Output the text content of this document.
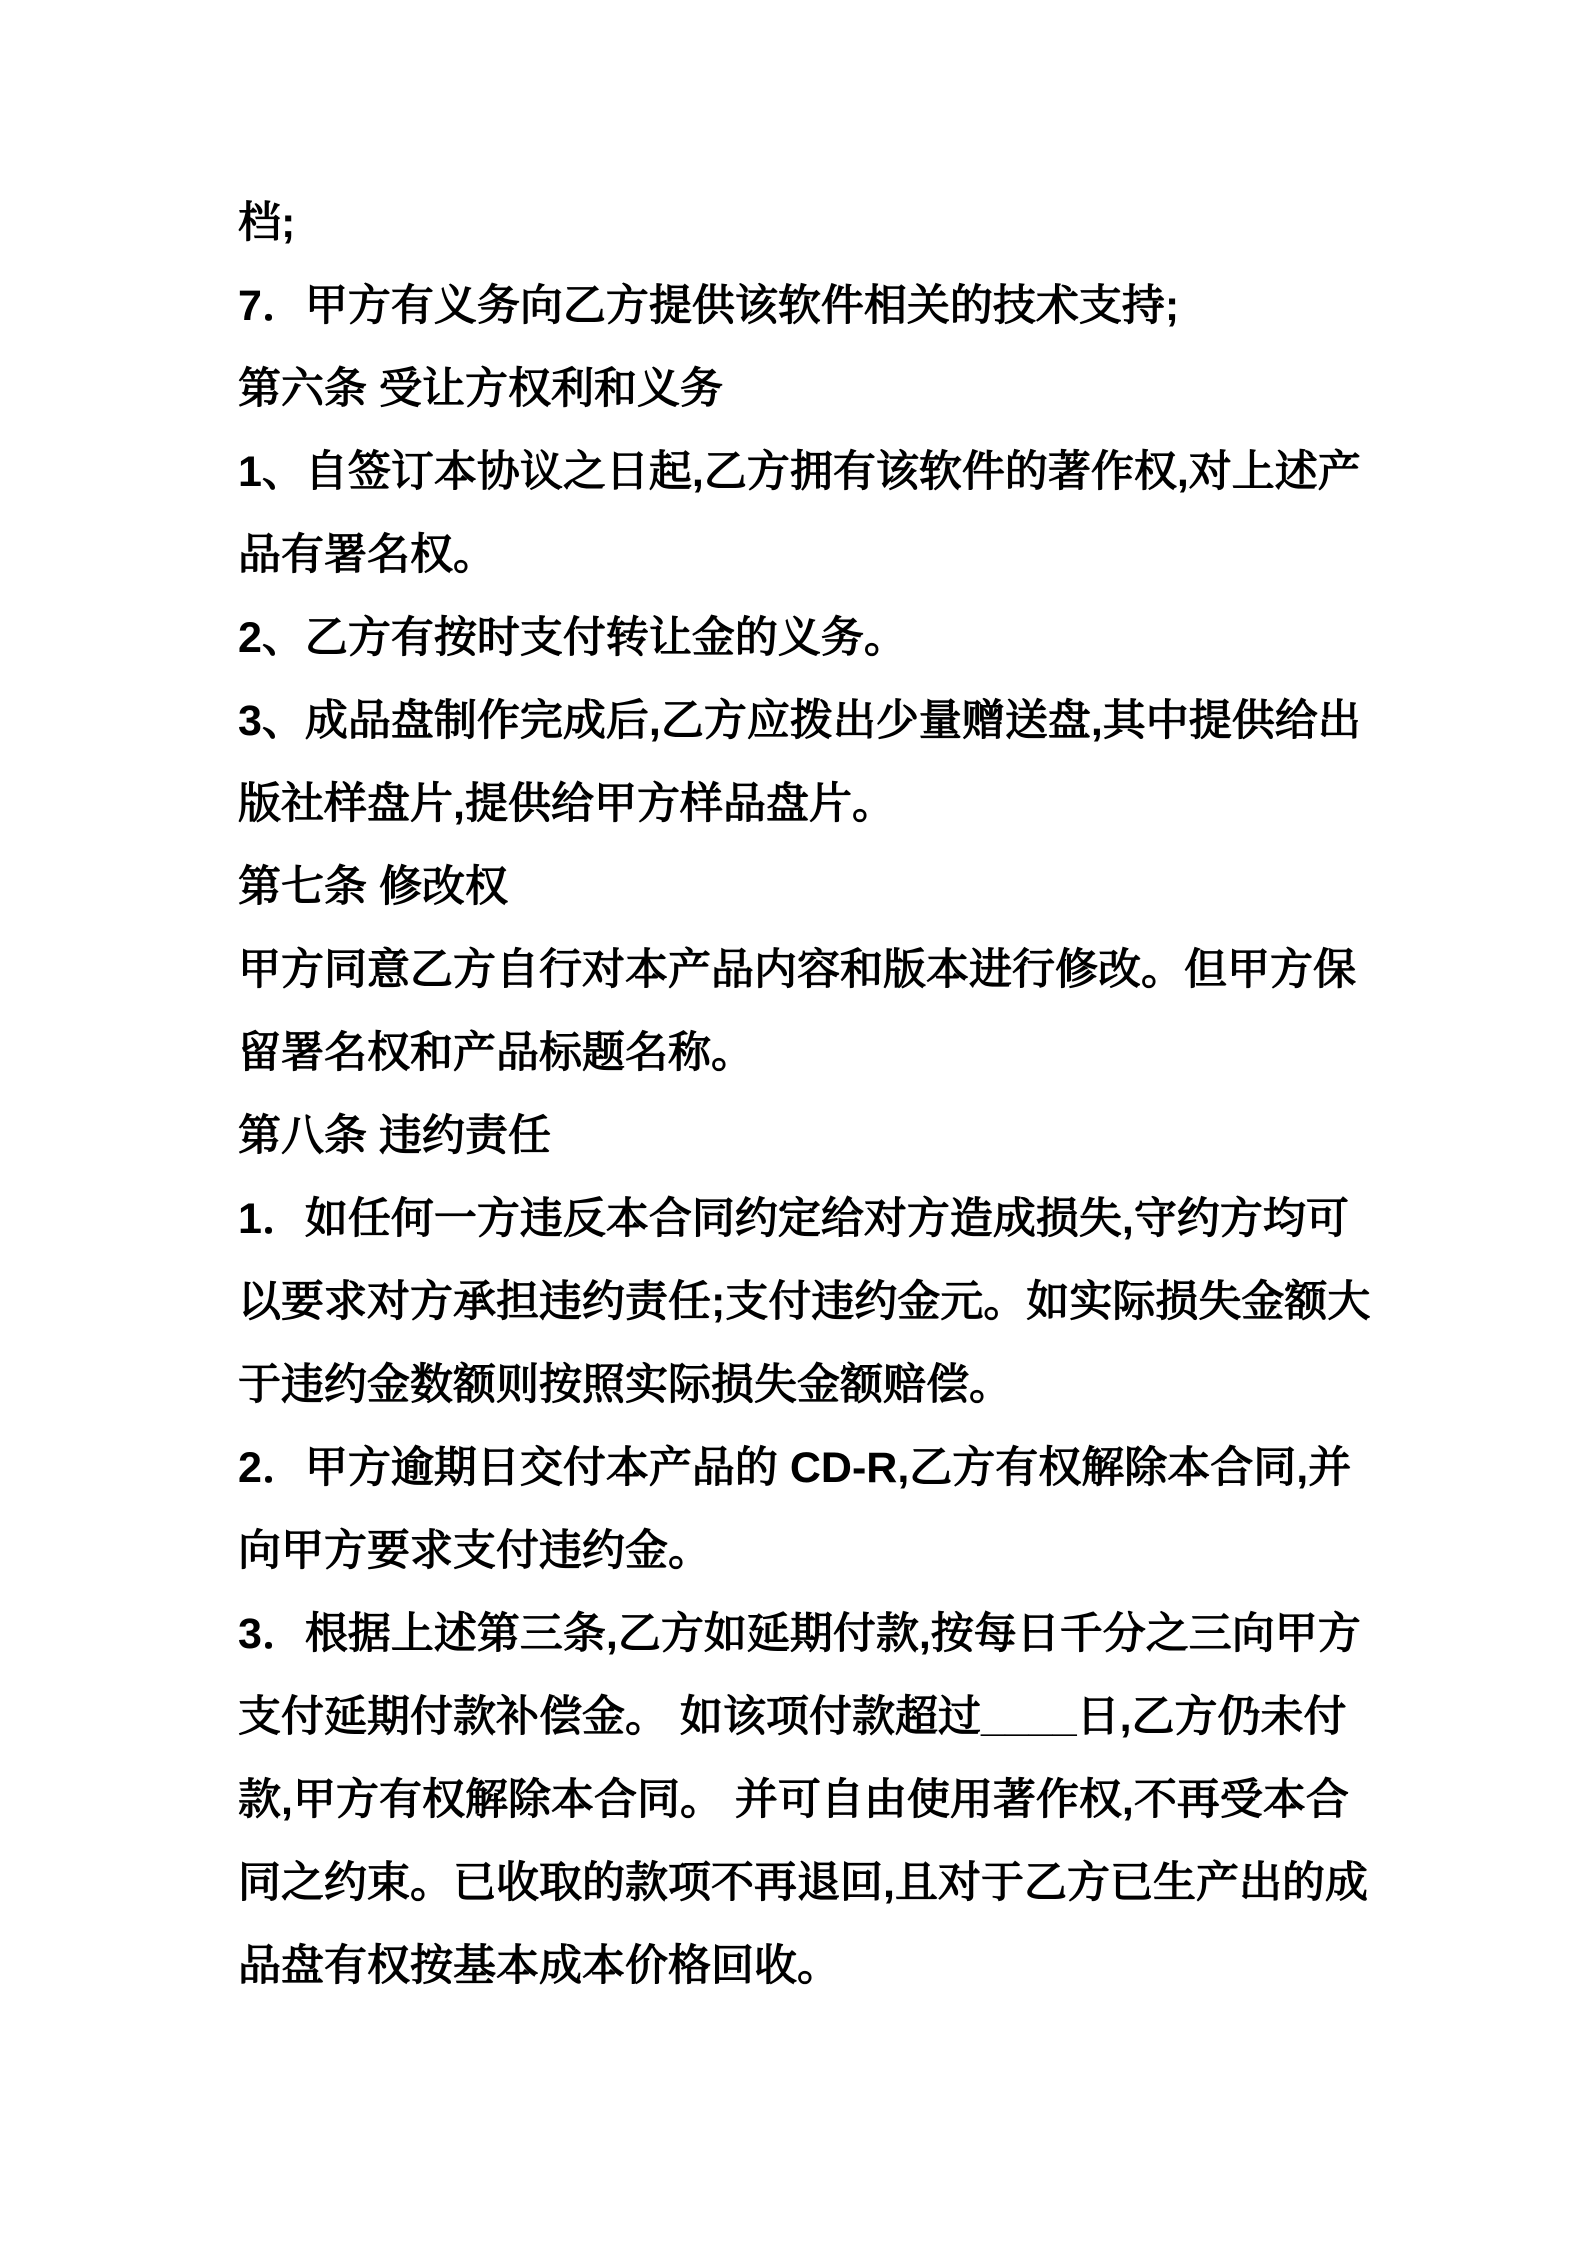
档;
7．甲方有义务向乙方提供该软件相关的技术支持;
第六条 受让方权利和义务
1、自签订本协议之日起,乙方拥有该软件的著作权,对上述产
品有署名权。
2、乙方有按时支付转让金的义务。
3、成品盘制作完成后,乙方应拨出少量赠送盘,其中提供给出
版社样盘片,提供给甲方样品盘片。
第七条 修改权
甲方同意乙方自行对本产品内容和版本进行修改。但甲方保
留署名权和产品标题名称。
第八条 违约责任
1．如任何一方违反本合同约定给对方造成损失,守约方均可
以要求对方承担违约责任;支付违约金元。如实际损失金额大
于违约金数额则按照实际损失金额赔偿。
2．甲方逾期日交付本产品的 CD-R,乙方有权解除本合同,并
向甲方要求支付违约金。
3．根据上述第三条,乙方如延期付款,按每日千分之三向甲方
支付延期付款补偿金。 如该项付款超过____日,乙方仍未付
款,甲方有权解除本合同。 并可自由使用著作权,不再受本合
同之约束。已收取的款项不再退回,且对于乙方已生产出的成
品盘有权按基本成本价格回收。
